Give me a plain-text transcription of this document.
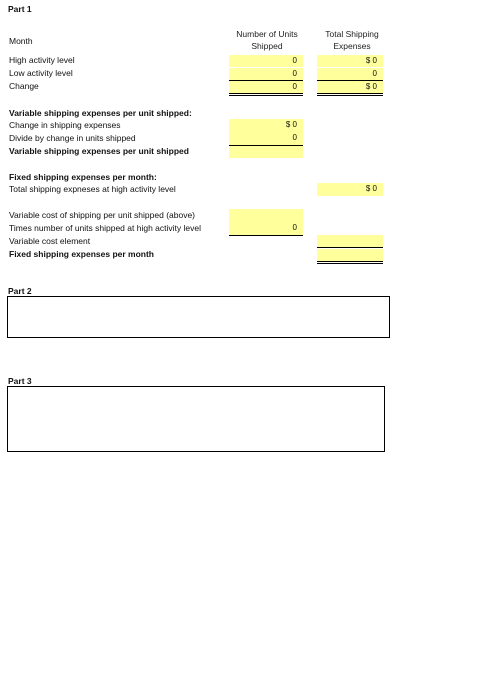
Part 1
Number of Units
Shipped
Total Shipping
Expenses
Month
High activity level
Low activity level
Change
0
0
0
$ 0
0
$ 0
Variable shipping expenses per unit shipped:
Change in shipping expenses
Divide by change in units shipped
Variable shipping expenses per unit shipped
$ 0
0
Fixed shipping expenses per month:
Total shipping expneses at high activity level	$ 0
Variable cost of shipping per unit shipped (above)
Times number of units shipped at high activity level
Variable cost element
Fixed shipping expenses per month
0
Part 2
Part 3
